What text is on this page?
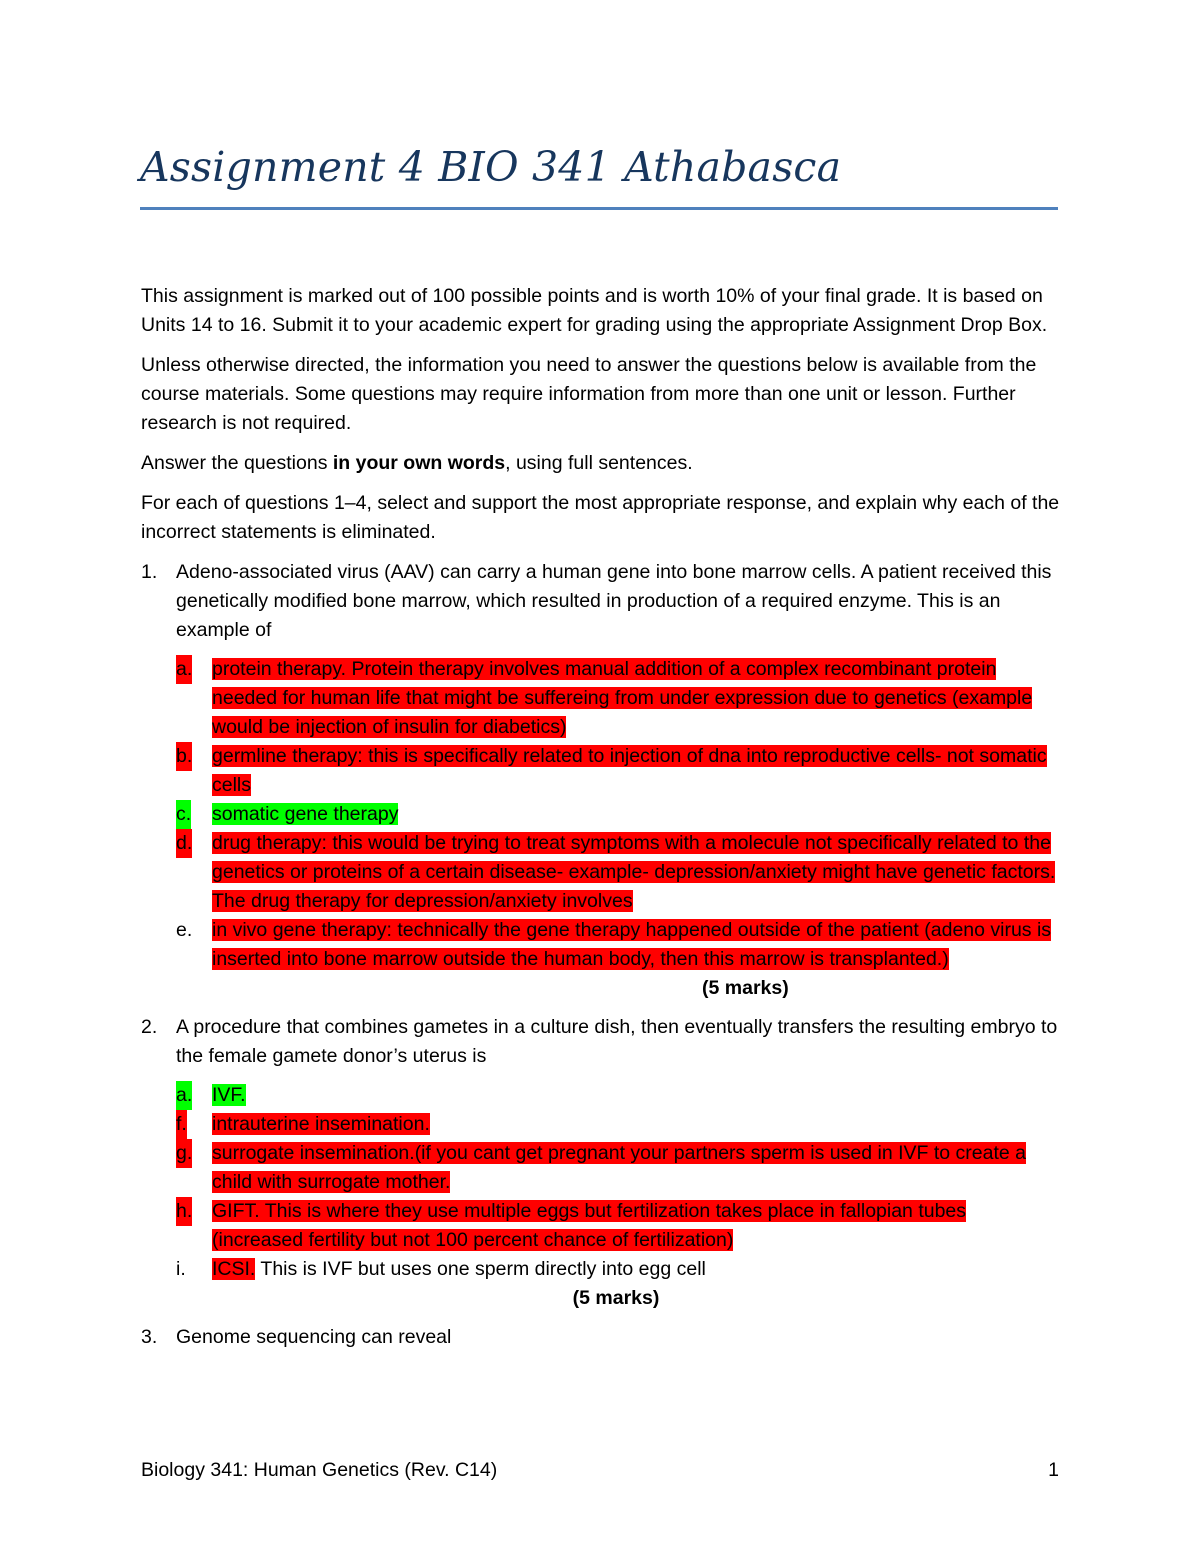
Assignment 4 BIO 341 Athabasca

This assignment is marked out of 100 possible points and is worth 10% of your final grade. It is based on Units 14 to 16. Submit it to your academic expert for grading using the appropriate Assignment Drop Box.

Unless otherwise directed, the information you need to answer the questions below is available from the course materials. Some questions may require information from more than one unit or lesson. Further research is not required.

Answer the questions in your own words, using full sentences.

For each of questions 1–4, select and support the most appropriate response, and explain why each of the incorrect statements is eliminated.

1. Adeno-associated virus (AAV) can carry a human gene into bone marrow cells. A patient received this genetically modified bone marrow, which resulted in production of a required enzyme. This is an example of
a. protein therapy. Protein therapy involves manual addition of a complex recombinant protein needed for human life that might be suffereing from under expression due to genetics (example would be injection of insulin for diabetics)
b. germline therapy: this is specifically related to injection of dna into reproductive cells- not somatic cells
c. somatic gene therapy
d. drug therapy: this would be trying to treat symptoms with a molecule not specifically related to the genetics or proteins of a certain disease- example- depression/anxiety might have genetic factors. The drug therapy for depression/anxiety involves
e. in vivo gene therapy: technically the gene therapy happened outside of the patient (adeno virus is inserted into bone marrow outside the human body, then this marrow is transplanted.)(5 marks)
2. A procedure that combines gametes in a culture dish, then eventually transfers the resulting embryo to the female gamete donor’s uterus is
a. IVF.
f. intrauterine insemination.
g. surrogate insemination.(if you cant get pregnant your partners sperm is used in IVF to create a child with surrogate mother.
h. GIFT. This is where they use multiple eggs but fertilization takes place in fallopian tubes (increased fertility but not 100 percent chance of fertilization)
i. ICSI. This is IVF but uses one sperm directly into egg cell
(5 marks)
3. Genome sequencing can reveal
Biology 341: Human Genetics (Rev. C14)	1
